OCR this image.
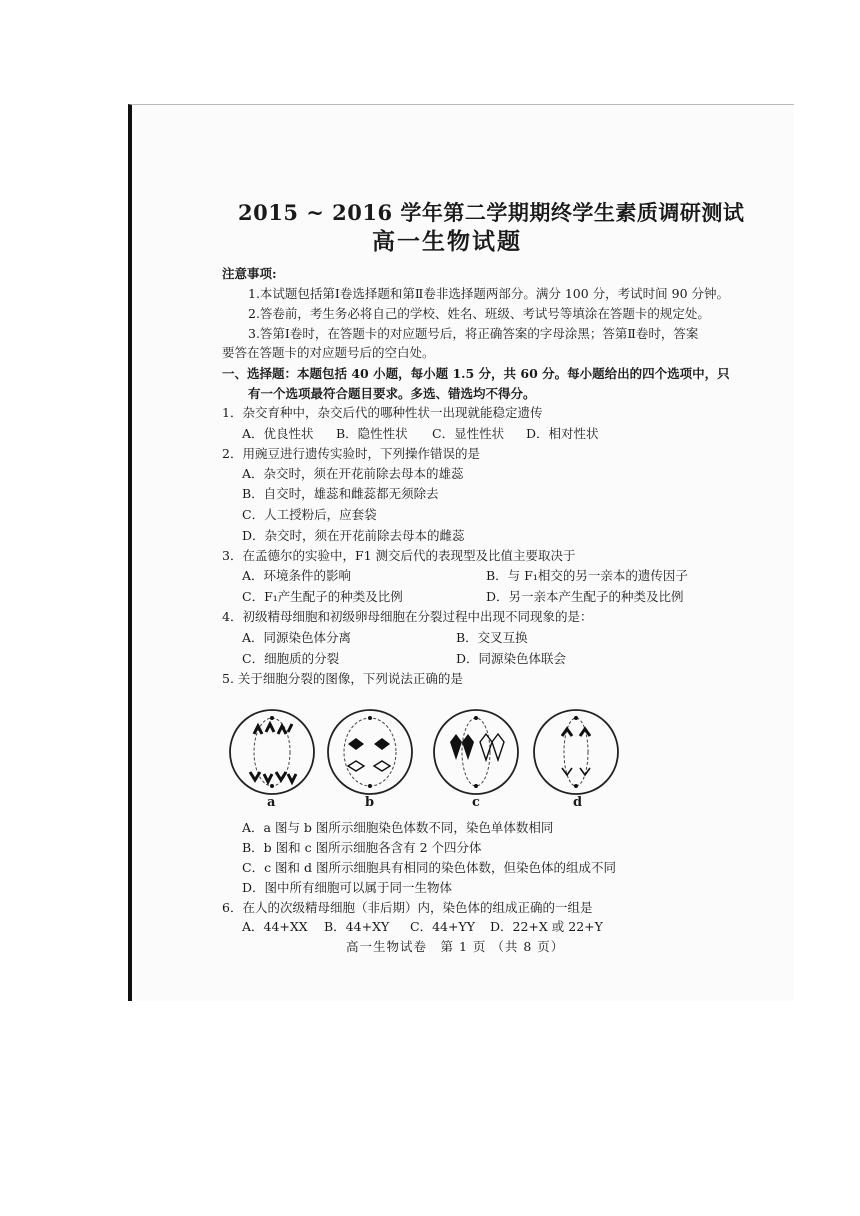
2015 ~ 2016 学年第二学期期终学生素质调研测试
高一生物试题
注意事项:
1.本试题包括第Ⅰ卷选择题和第Ⅱ卷非选择题两部分。满分 100 分，考试时间 90 分钟。
2.答卷前，考生务必将自己的学校、姓名、班级、考试号等填涂在答题卡的规定处。
3.答第Ⅰ卷时，在答题卡的对应题号后，将正确答案的字母涂黑；答第Ⅱ卷时，答案
要答在答题卡的对应题号后的空白处。
一、选择题：本题包括 40 小题，每小题 1.5 分，共 60 分。每小题给出的四个选项中，只
有一个选项最符合题目要求。多选、错选均不得分。
1．杂交育种中，杂交后代的哪种性状一出现就能稳定遗传
A．优良性状 B．隐性性状 C．显性性状 D．相对性状
2．用豌豆进行遗传实验时，下列操作错误的是
A．杂交时，须在开花前除去母本的雄蕊
B．自交时，雄蕊和雌蕊都无须除去
C．人工授粉后，应套袋
D．杂交时，须在开花前除去母本的雌蕊
3．在孟德尔的实验中，F1 测交后代的表现型及比值主要取决于
A．环境条件的影响	B．与 F₁相交的另一亲本的遗传因子
C．F₁产生配子的种类及比例	D．另一亲本产生配子的种类及比例
4．初级精母细胞和初级卵母细胞在分裂过程中出现不同现象的是：
A．同源染色体分离	B．交叉互换
C．细胞质的分裂	D．同源染色体联会
5. 关于细胞分裂的图像，下列说法正确的是
a	b	c	d
A．a 图与 b 图所示细胞染色体数不同，染色单体数相同
B．b 图和 c 图所示细胞各含有 2 个四分体
C．c 图和 d 图所示细胞具有相同的染色体数，但染色体的组成不同
D．图中所有细胞可以属于同一生物体
6．在人的次级精母细胞（非后期）内，染色体的组成正确的一组是
A．44+XX B．44+XY C．44+YY D．22+X 或 22+Y
高一生物试卷　第 1 页 （共 8 页）
